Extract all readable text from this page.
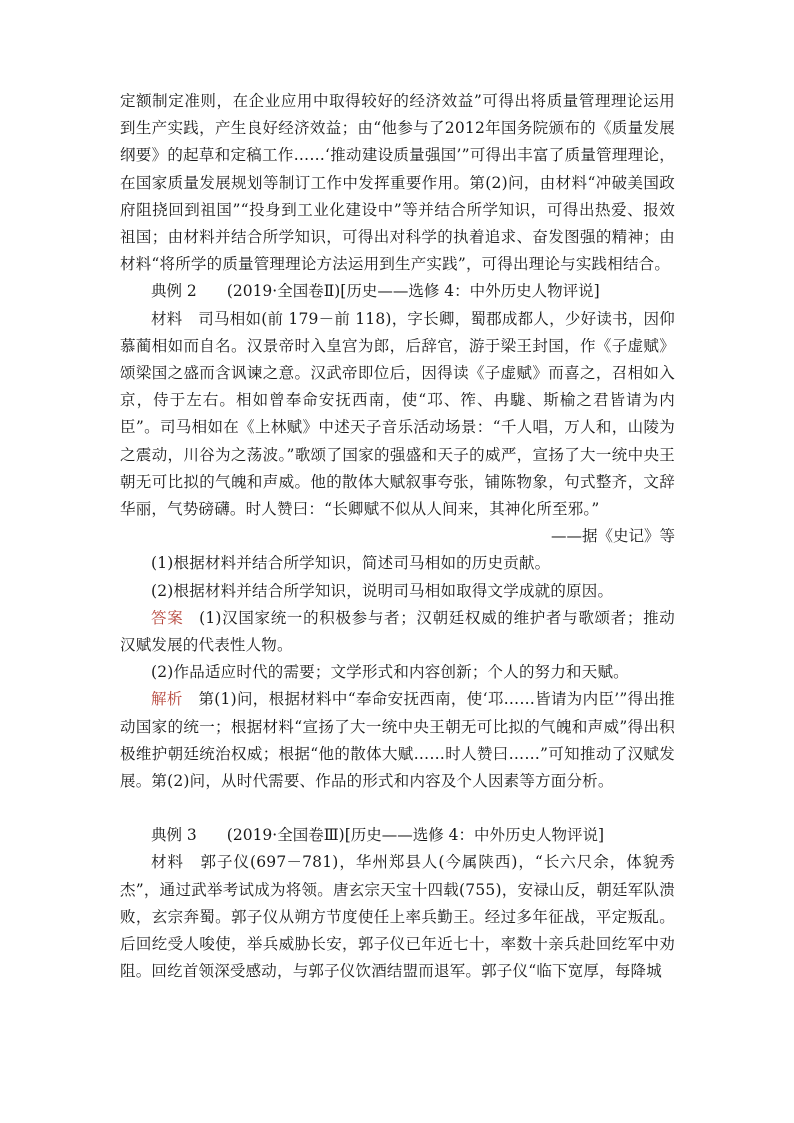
定额制定准则，在企业应用中取得较好的经济效益”可得出将质量管理理论运用到生产实践，产生良好经济效益；由“他参与了2012年国务院颁布的《质量发展纲要》的起草和定稿工作……‘推动建设质量强国’”可得出丰富了质量管理理论，在国家质量发展规划等制订工作中发挥重要作用。第(2)问，由材料“冲破美国政府阻挠回到祖国”“投身到工业化建设中”等并结合所学知识，可得出热爱、报效祖国；由材料并结合所学知识，可得出对科学的执着追求、奋发图强的精神；由材料“将所学的质量管理理论方法运用到生产实践”，可得出理论与实践相结合。

典例 2 (2019·全国卷Ⅱ)[历史——选修 4：中外历史人物评说]

材料  司马相如(前 179－前 118)，字长卿，蜀郡成都人，少好读书，因仰慕蔺相如而自名。汉景帝时入皇宫为郎，后辞官，游于梁王封国，作《子虚赋》颂梁国之盛而含讽谏之意。汉武帝即位后，因得读《子虚赋》而喜之，召相如入京，侍于左右。相如曾奉命安抚西南，使“邛、筰、冉駹、斯榆之君皆请为内臣”。司马相如在《上林赋》中述天子音乐活动场景：“千人唱，万人和，山陵为之震动，川谷为之荡波。”歌颂了国家的强盛和天子的威严，宣扬了大一统中央王朝无可比拟的气魄和声威。他的散体大赋叙事夸张，铺陈物象，句式整齐，文辞华丽，气势磅礴。时人赞曰：“长卿赋不似从人间来，其神化所至邪。”

——据《史记》等

(1)根据材料并结合所学知识，简述司马相如的历史贡献。

(2)根据材料并结合所学知识，说明司马相如取得文学成就的原因。

答案  (1)汉国家统一的积极参与者；汉朝廷权威的维护者与歌颂者；推动汉赋发展的代表性人物。

(2)作品适应时代的需要；文学形式和内容创新；个人的努力和天赋。

解析  第(1)问，根据材料中“奉命安抚西南，使‘邛……皆请为内臣’”得出推动国家的统一；根据材料“宣扬了大一统中央王朝无可比拟的气魄和声威”得出积极维护朝廷统治权威；根据“他的散体大赋……时人赞曰……”可知推动了汉赋发展。第(2)问，从时代需要、作品的形式和内容及个人因素等方面分析。

典例 3 (2019·全国卷Ⅲ)[历史——选修 4：中外历史人物评说]

材料  郭子仪(697－781)，华州郑县人(今属陕西)，“长六尺余，体貌秀杰”，通过武举考试成为将领。唐玄宗天宝十四载(755)，安禄山反，朝廷军队溃败，玄宗奔蜀。郭子仪从朔方节度使任上率兵勤王。经过多年征战，平定叛乱。后回纥受人唆使，举兵威胁长安，郭子仪已年近七十，率数十亲兵赴回纥军中劝阻。回纥首领深受感动，与郭子仪饮酒结盟而退军。郭子仪“临下宽厚，每降城
